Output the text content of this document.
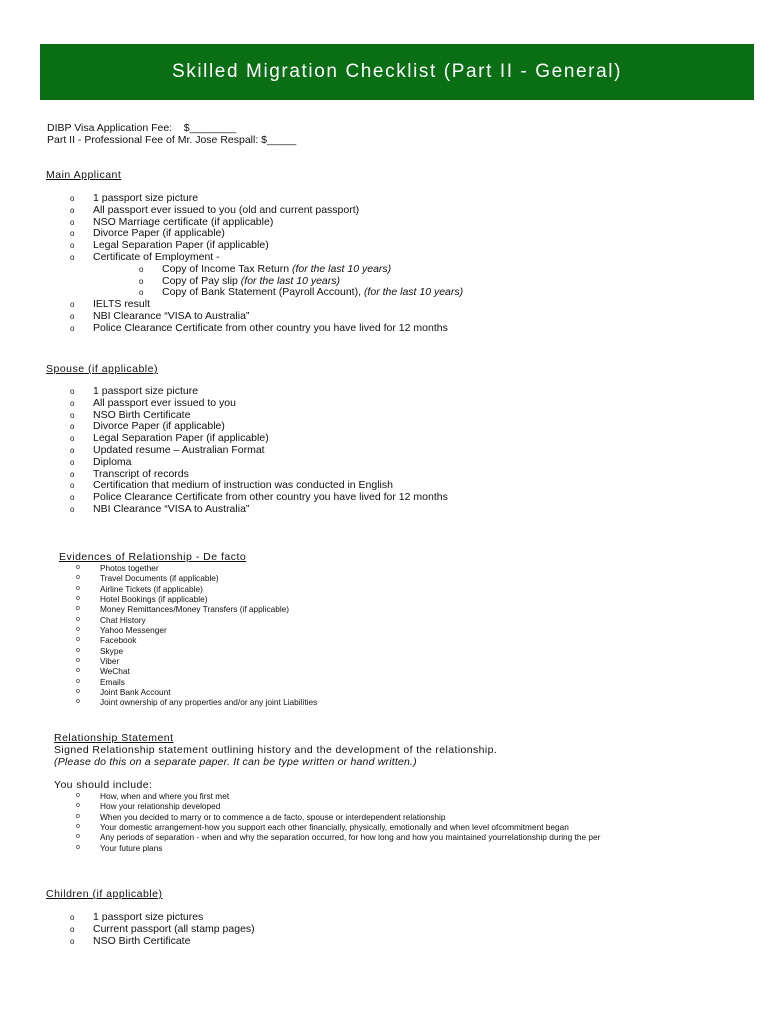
Skilled Migration Checklist (Part II - General)
DIBP Visa Application Fee:    $________
Part II - Professional Fee of Mr. Jose Respall: $_____
Main Applicant
o 1 passport size picture
o All passport ever issued to you (old and current passport)
o NSO Marriage certificate (if applicable)
o Divorce Paper (if applicable)
o Legal Separation Paper (if applicable)
o Certificate of Employment -
o Copy of Income Tax Return (for the last 10 years)
o Copy of Pay slip (for the last 10 years)
o Copy of Bank Statement (Payroll Account), (for the last 10 years)
o IELTS result
o NBI Clearance “VISA to Australia”
o Police Clearance Certificate from other country you have lived for 12 months
Spouse (if applicable)
o 1 passport size picture
o All passport ever issued to you
o NSO Birth Certificate
o Divorce Paper (if applicable)
o Legal Separation Paper (if applicable)
o Updated resume – Australian Format
o Diploma
o Transcript of records
o Certification that medium of instruction was conducted in English
o Police Clearance Certificate from other country you have lived for 12 months
o NBI Clearance “VISA to Australia”
Evidences of Relationship - De facto
o Photos together
o Travel Documents (if applicable)
o Airline Tickets (if applicable)
o Hotel Bookings (if applicable)
o Money Remittances/Money Transfers (if applicable)
o Chat History
o Yahoo Messenger
o Facebook
o Skype
o Viber
o WeChat
o Emails
o Joint Bank Account
o Joint ownership of any properties and/or any joint Liabilities
Relationship Statement
Signed Relationship statement outlining history and the development of the relationship.
(Please do this on a separate paper. It can be type written or hand written.)
You should include:
o How, when and where you first met
o How your relationship developed
o When you decided to marry or to commence a de facto, spouse or interdependent relationship
o Your domestic arrangement-how you support each other financially, physically, emotionally and when level ofcommitment began
o Any periods of separation - when and why the separation occurred, for how long and how you maintained yourrelationship during the per
o Your future plans
Children (if applicable)
o 1 passport size pictures
o Current passport (all stamp pages)
o NSO Birth Certificate
